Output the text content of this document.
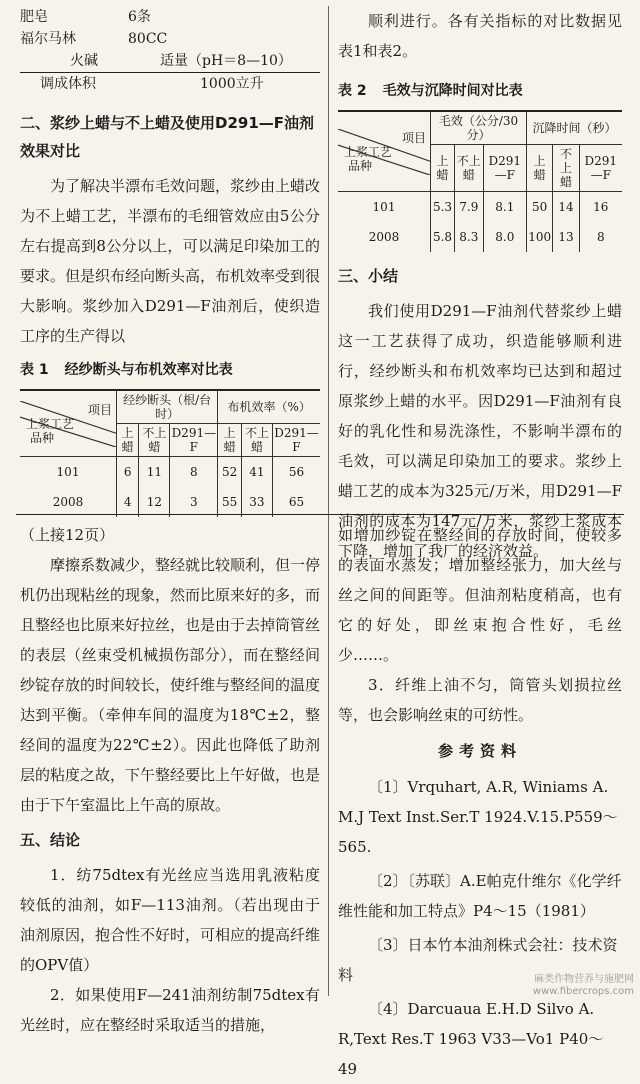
肥皂	6条
福尔马林	80CC
火碱	适量（pH＝8—10）
调成体积	1000立升
二、浆纱上蜡与不上蜡及使用D291—F油剂效果对比

为了解决半漂布毛效问题，浆纱由上蜡改为不上蜡工艺，半漂布的毛细管效应由5公分左右提高到8公分以上，可以满足印染加工的要求。但是织布经向断头高，布机效率受到很大影响。浆纱加入D291—F油剂后，使织造工序的生产得以

表 1 经纱断头与布机效率对比表
项目
上浆工艺
品种	经纱断头（根/台时）			布机效率（%）		
	上蜡	不上蜡	D291—F	上蜡	不上蜡	D291—F
101	6	11	8	52	41	56
2008	4	12	3	55	33	65

顺利进行。各有关指标的对比数据见表1和表2。

表 2 毛效与沉降时间对比表
项目
上浆工艺
品种	毛效（公分/30分）			沉降时间（秒）		
	上蜡	不上蜡	D291—F	上蜡	不上蜡	D291—F
101	5.3	7.9	8.1	50	14	16
2008	5.8	8.3	8.0	100	13	8
三、小结

我们使用D291—F油剂代替浆纱上蜡这一工艺获得了成功，织造能够顺利进行，经纱断头和布机效率均已达到和超过原浆纱上蜡的水平。因D291—F油剂有良好的乳化性和易洗涤性，不影响半漂布的毛效，可以满足印染加工的要求。浆纱上蜡工艺的成本为325元/万米，用D291—F油剂的成本为147元/万米，浆纱上浆成本下降，增加了我厂的经济效益。

（上接12页）

摩擦系数减少，整经就比较顺利，但一停机仍出现粘丝的现象，然而比原来好的多，而且整经也比原来好拉丝，也是由于去掉筒管丝的表层（丝束受机械损伤部分），而在整经间纱锭存放的时间较长，使纤维与整经间的温度达到平衡。（牵伸车间的温度为18℃±2，整经间的温度为22℃±2）。因此也降低了助剂层的粘度之故，下午整经要比上午好做，也是由于下午室温比上午高的原故。

五、结论

1．纺75dtex有光丝应当选用乳液粘度较低的油剂，如F—113油剂。（若出现由于油剂原因，抱合性不好时，可相应的提高纤维的OPV值）

2．如果使用F—241油剂纺制75dtex有光丝时，应在整经时采取适当的措施，

如增加纱锭在整经间的存放时间，使较多的表面水蒸发；增加整经张力，加大丝与丝之间的间距等。但油剂粘度稍高，也有它的好处，即丝束抱合性好，毛丝少……。

3．纤维上油不匀，筒管头划损拉丝等，也会影响丝束的可纺性。

参考资料

〔1〕Vrquhart, A.R, Winiams A. M.J Text Inst.Ser.T 1924.V.15.P559～565.

〔2〕〔苏联〕A.E帕克什维尔《化学纤维性能和加工特点》P4～15（1981）

〔3〕日本竹本油剂株式会社：技术资料

〔4〕Darcuaua E.H.D Silvo A. R,Text Res.T 1963 V33—Vo1 P40～49

麻类作物营养与施肥网
www.fibercrops.com
